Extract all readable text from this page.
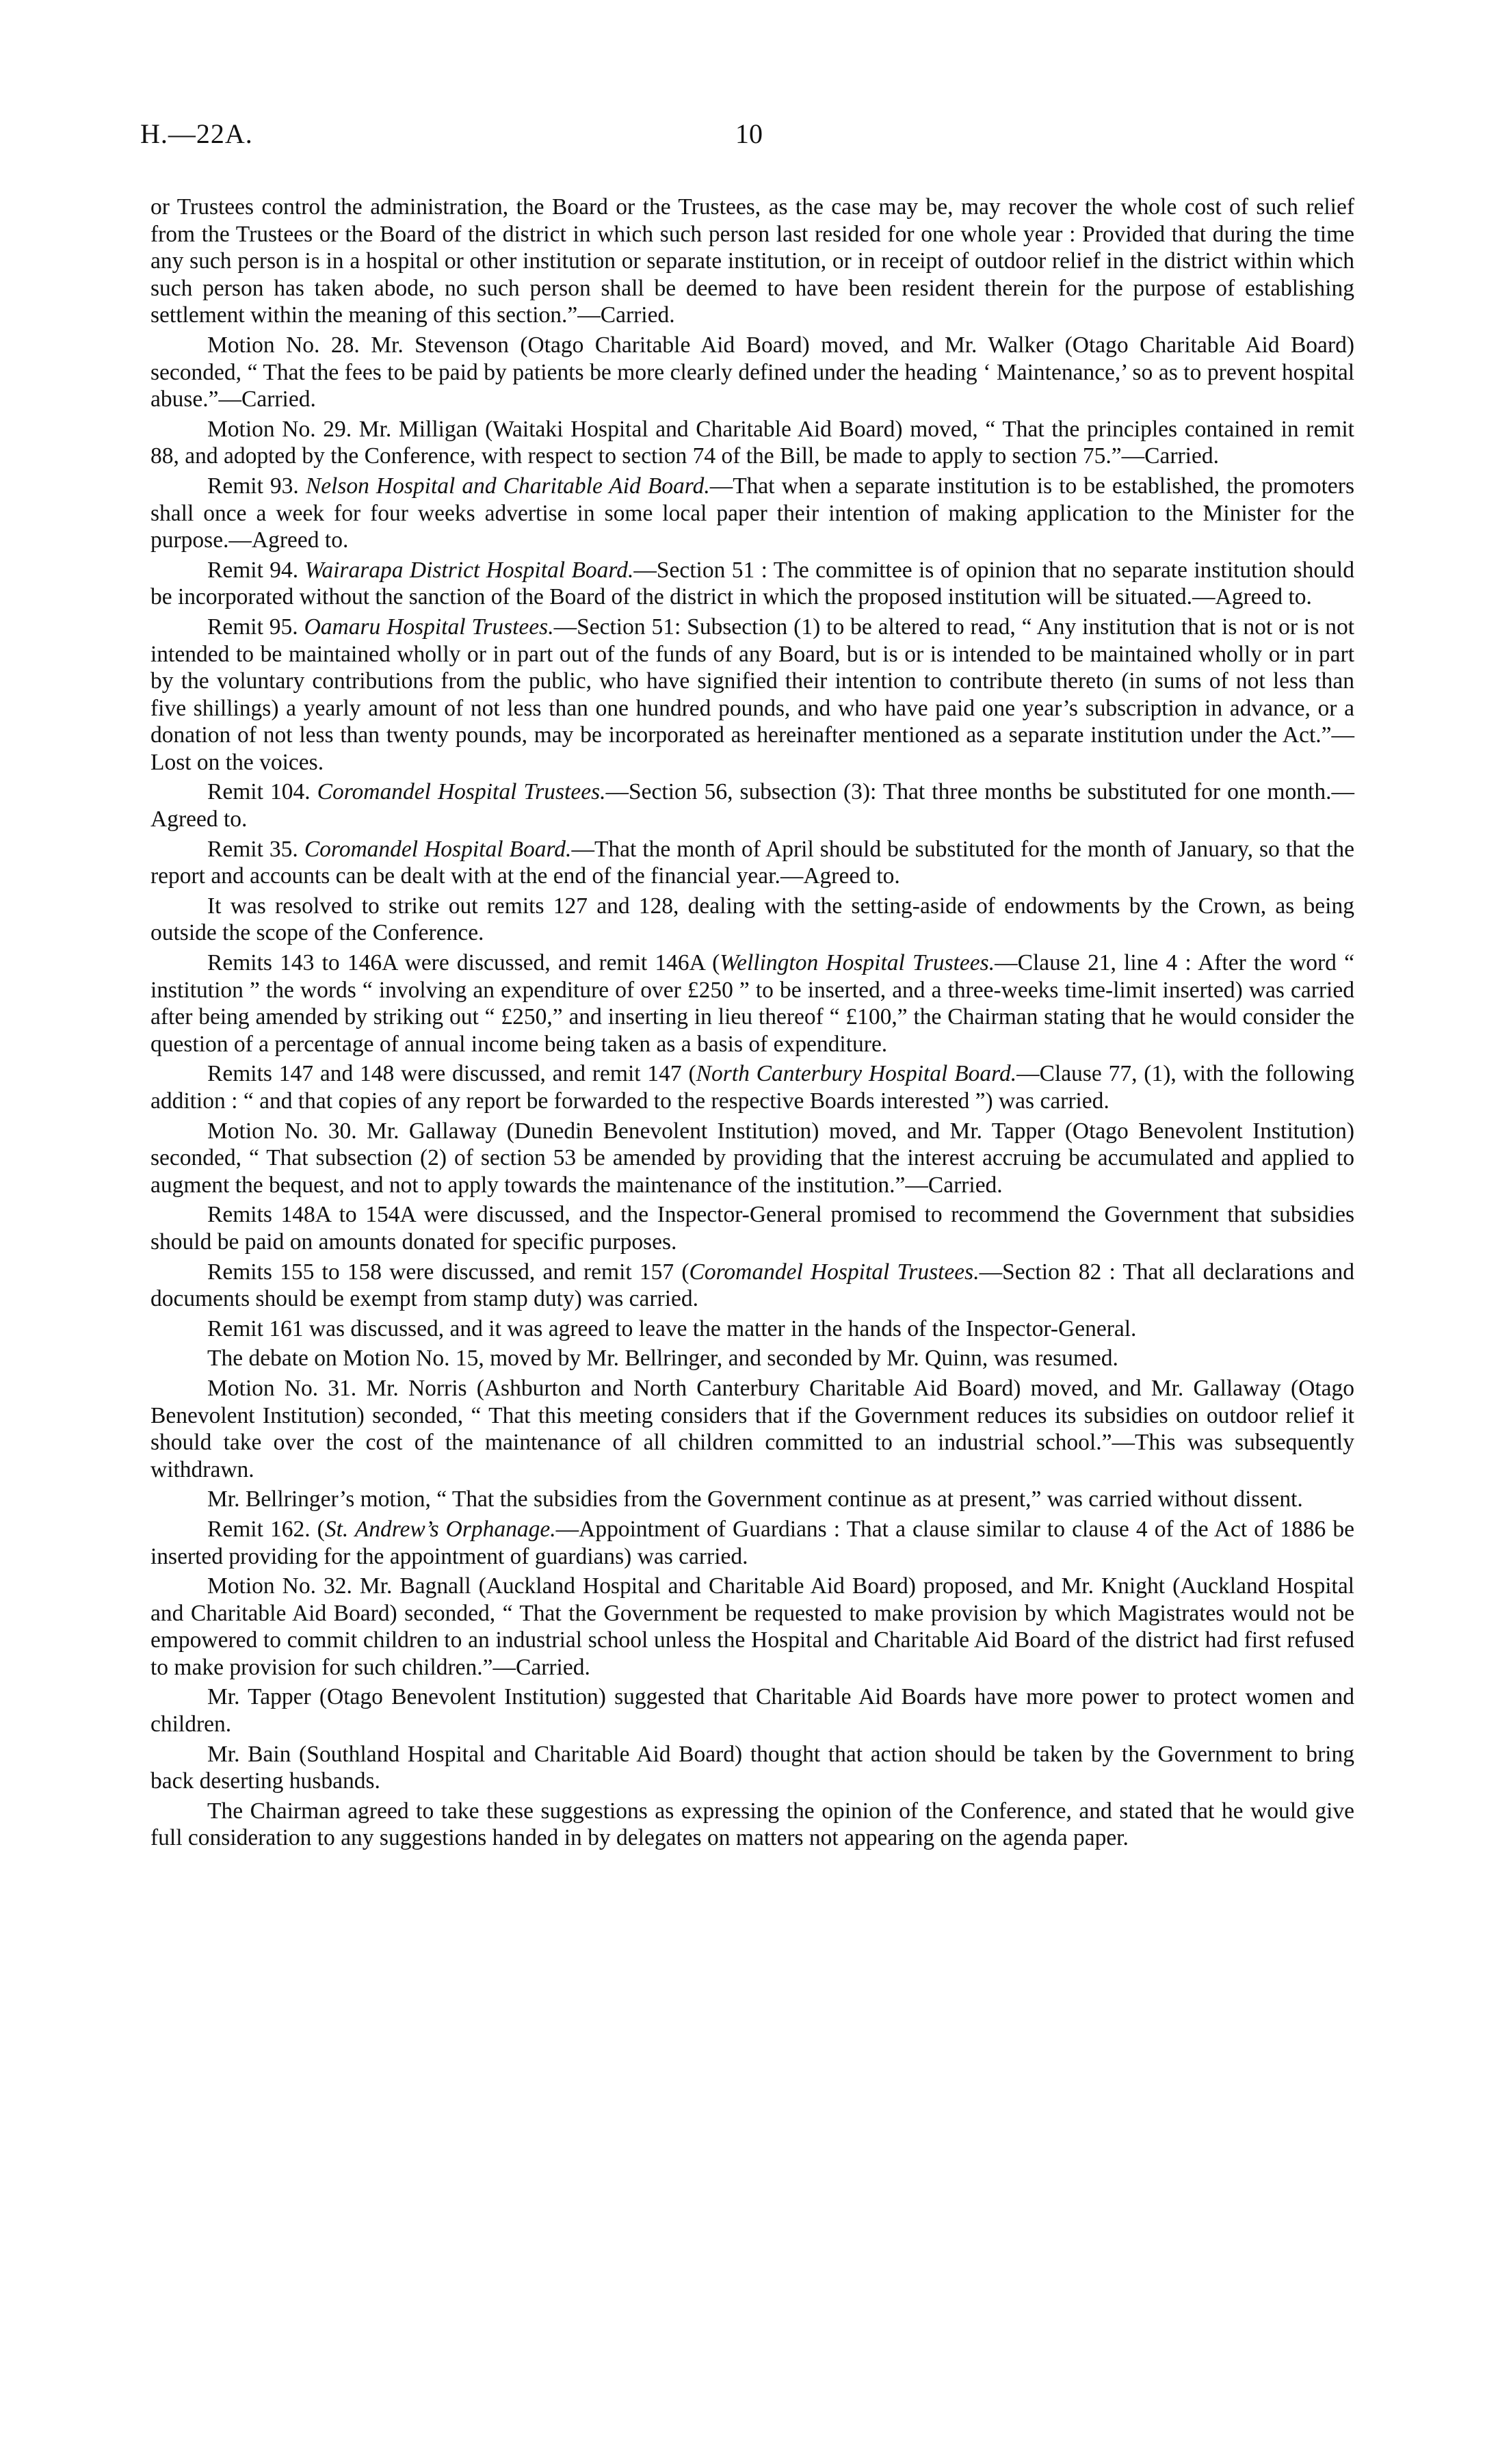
H.—22A.	10

or Trustees control the administration, the Board or the Trustees, as the case may be, may recover the whole cost of such relief from the Trustees or the Board of the district in which such person last resided for one whole year : Provided that during the time any such person is in a hospital or other institution or separate institution, or in receipt of outdoor relief in the district within which such person has taken abode, no such person shall be deemed to have been resident therein for the purpose of establishing settlement within the meaning of this section.”—Carried.

Motion No. 28. Mr. Stevenson (Otago Charitable Aid Board) moved, and Mr. Walker (Otago Charitable Aid Board) seconded, “ That the fees to be paid by patients be more clearly defined under the heading ‘ Maintenance,’ so as to prevent hospital abuse.”—Carried.

Motion No. 29. Mr. Milligan (Waitaki Hospital and Charitable Aid Board) moved, “ That the principles contained in remit 88, and adopted by the Conference, with respect to section 74 of the Bill, be made to apply to section 75.”—Carried.

Remit 93. Nelson Hospital and Charitable Aid Board.—That when a separate institution is to be established, the promoters shall once a week for four weeks advertise in some local paper their intention of making application to the Minister for the purpose.—Agreed to.

Remit 94. Wairarapa District Hospital Board.—Section 51 : The committee is of opinion that no separate institution should be incorporated without the sanction of the Board of the district in which the proposed institution will be situated.—Agreed to.

Remit 95. Oamaru Hospital Trustees.—Section 51: Subsection (1) to be altered to read, “ Any institution that is not or is not intended to be maintained wholly or in part out of the funds of any Board, but is or is intended to be maintained wholly or in part by the voluntary contributions from the public, who have signified their intention to contribute thereto (in sums of not less than five shillings) a yearly amount of not less than one hundred pounds, and who have paid one year’s subscription in advance, or a donation of not less than twenty pounds, may be incorporated as hereinafter mentioned as a separate institution under the Act.”—Lost on the voices.

Remit 104. Coromandel Hospital Trustees.—Section 56, subsection (3): That three months be substituted for one month.—Agreed to.

Remit 35. Coromandel Hospital Board.—That the month of April should be substituted for the month of January, so that the report and accounts can be dealt with at the end of the financial year.—Agreed to.

It was resolved to strike out remits 127 and 128, dealing with the setting-aside of endowments by the Crown, as being outside the scope of the Conference.

Remits 143 to 146A were discussed, and remit 146A (Wellington Hospital Trustees.—Clause 21, line 4 : After the word “ institution ” the words “ involving an expenditure of over £250 ” to be inserted, and a three-weeks time-limit inserted) was carried after being amended by striking out “ £250,” and inserting in lieu thereof “ £100,” the Chairman stating that he would consider the question of a percentage of annual income being taken as a basis of expenditure.

Remits 147 and 148 were discussed, and remit 147 (North Canterbury Hospital Board.—Clause 77, (1), with the following addition : “ and that copies of any report be forwarded to the respective Boards interested ”) was carried.

Motion No. 30. Mr. Gallaway (Dunedin Benevolent Institution) moved, and Mr. Tapper (Otago Benevolent Institution) seconded, “ That subsection (2) of section 53 be amended by providing that the interest accruing be accumulated and applied to augment the bequest, and not to apply towards the maintenance of the institution.”—Carried.

Remits 148A to 154A were discussed, and the Inspector-General promised to recommend the Government that subsidies should be paid on amounts donated for specific purposes.

Remits 155 to 158 were discussed, and remit 157 (Coromandel Hospital Trustees.—Section 82 : That all declarations and documents should be exempt from stamp duty) was carried.

Remit 161 was discussed, and it was agreed to leave the matter in the hands of the Inspector-General.

The debate on Motion No. 15, moved by Mr. Bellringer, and seconded by Mr. Quinn, was resumed.

Motion No. 31. Mr. Norris (Ashburton and North Canterbury Charitable Aid Board) moved, and Mr. Gallaway (Otago Benevolent Institution) seconded, “ That this meeting considers that if the Government reduces its subsidies on outdoor relief it should take over the cost of the maintenance of all children committed to an industrial school.”—This was subsequently withdrawn.

Mr. Bellringer’s motion, “ That the subsidies from the Government continue as at present,” was carried without dissent.

Remit 162. (St. Andrew’s Orphanage.—Appointment of Guardians : That a clause similar to clause 4 of the Act of 1886 be inserted providing for the appointment of guardians) was carried.

Motion No. 32. Mr. Bagnall (Auckland Hospital and Charitable Aid Board) proposed, and Mr. Knight (Auckland Hospital and Charitable Aid Board) seconded, “ That the Government be requested to make provision by which Magistrates would not be empowered to commit children to an industrial school unless the Hospital and Charitable Aid Board of the district had first refused to make provision for such children.”—Carried.

Mr. Tapper (Otago Benevolent Institution) suggested that Charitable Aid Boards have more power to protect women and children.

Mr. Bain (Southland Hospital and Charitable Aid Board) thought that action should be taken by the Government to bring back deserting husbands.

The Chairman agreed to take these suggestions as expressing the opinion of the Conference, and stated that he would give full consideration to any suggestions handed in by delegates on matters not appearing on the agenda paper.
